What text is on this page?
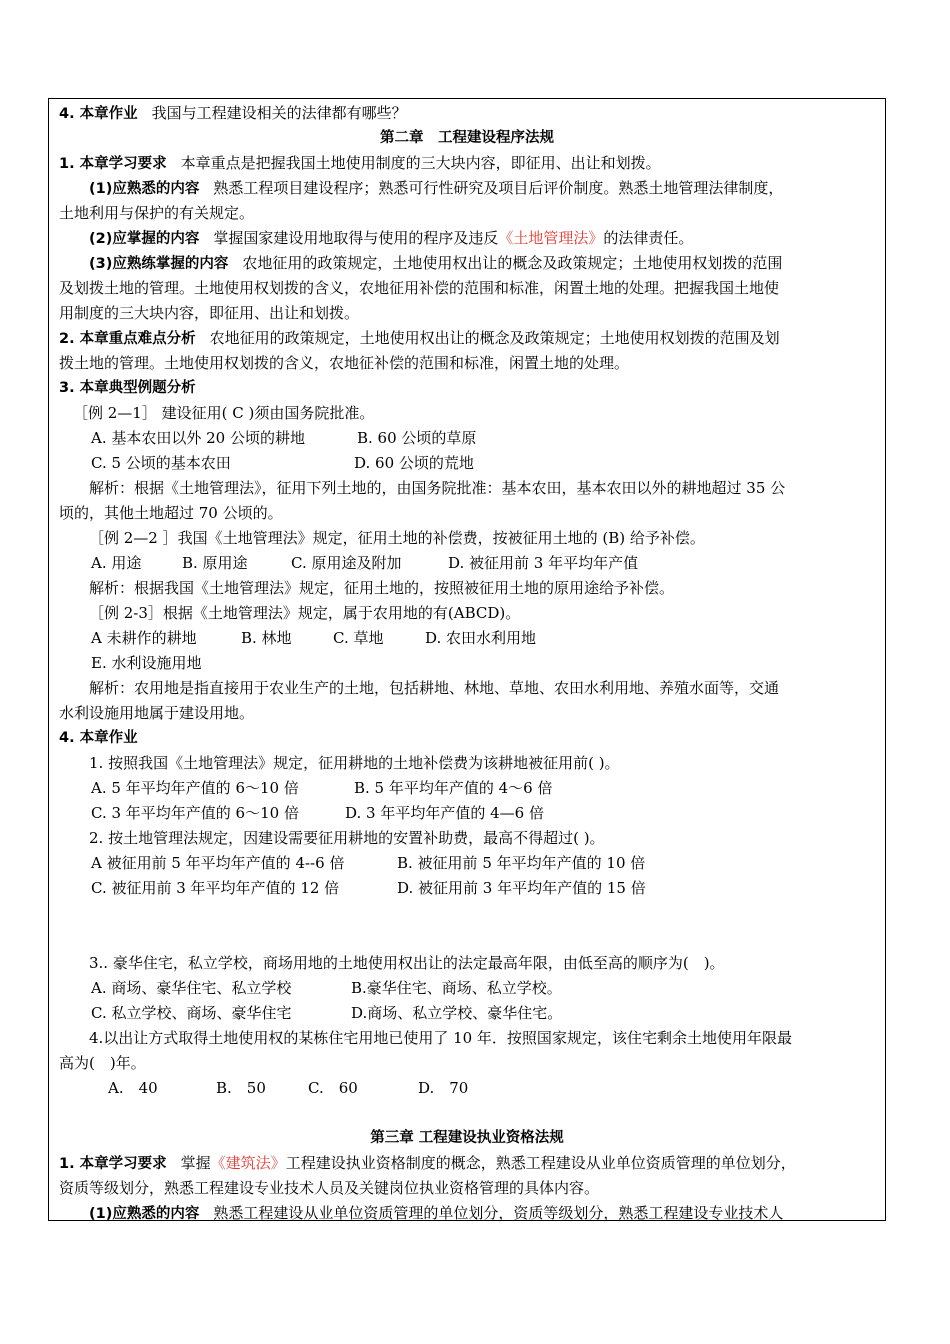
4. 本章作业 我国与工程建设相关的法律都有哪些？
第二章　工程建设程序法规
1. 本章学习要求 本章重点是把握我国土地使用制度的三大块内容，即征用、出让和划拨。
(1)应熟悉的内容 熟悉工程项目建设程序；熟悉可行性研究及项目后评价制度。熟悉土地管理法律制度，
土地利用与保护的有关规定。
(2)应掌握的内容 掌握国家建设用地取得与使用的程序及违反《土地管理法》的法律责任。
(3)应熟练掌握的内容 农地征用的政策规定，土地使用权出让的概念及政策规定；土地使用权划拨的范围
及划拨土地的管理。土地使用权划拨的含义，农地征用补偿的范围和标准，闲置土地的处理。把握我国土地使
用制度的三大块内容，即征用、出让和划拨。
2. 本章重点难点分析 农地征用的政策规定，土地使用权出让的概念及政策规定；土地使用权划拨的范围及划
拨土地的管理。土地使用权划拨的含义，农地征补偿的范围和标准，闲置土地的处理。
3. 本章典型例题分析
［例 2—1］ 建设征用( C )须由国务院批准。
A. 基本农田以外 20 公顷的耕地	B. 60 公顷的草原
C. 5 公顷的基本农田	D. 60 公顷的荒地
解析：根据《土地管理法》，征用下列土地的，由国务院批准：基本农田，基本农田以外的耕地超过 35 公
顷的，其他土地超过 70 公顷的。
［例 2—2 ］我国《土地管理法》规定，征用土地的补偿费，按被征用土地的 (B) 给予补偿。
A. 用途	B. 原用途	C. 原用途及附加	D. 被征用前 3 年平均年产值
解析：根据我国《土地管理法》规定，征用土地的，按照被征用土地的原用途给予补偿。
［例 2-3］根据《土地管理法》规定，属于农用地的有(ABCD)。
A 未耕作的耕地	B. 林地	C. 草地	D. 农田水利用地
E. 水利设施用地
解析：农用地是指直接用于农业生产的土地，包括耕地、林地、草地、农田水利用地、养殖水面等，交通
水利设施用地属于建设用地。
4. 本章作业
1. 按照我国《土地管理法》规定，征用耕地的土地补偿费为该耕地被征用前( )。
A. 5 年平均年产值的 6～10 倍	B. 5 年平均年产值的 4～6 倍
C. 3 年平均年产值的 6～10 倍	D. 3 年平均年产值的 4—6 倍
2. 按土地管理法规定，因建设需要征用耕地的安置补助费，最高不得超过( )。
A 被征用前 5 年平均年产值的 4--6 倍	B. 被征用前 5 年平均年产值的 10 倍
C. 被征用前 3 年平均年产值的 12 倍	D. 被征用前 3 年平均年产值的 15 倍
3.. 豪华住宅，私立学校，商场用地的土地使用权出让的法定最高年限，由低至高的顺序为(　)。
A. 商场、豪华住宅、私立学校	B.豪华住宅、商场、私立学校。
C. 私立学校、商场、豪华住宅	D.商场、私立学校、豪华住宅。
4.以出让方式取得土地使用权的某栋住宅用地已使用了 10 年．按照国家规定，该住宅剩余土地使用年限最
高为(　)年。
A.　40	B.　50	C.　60	D.　70
第三章 工程建设执业资格法规
1. 本章学习要求 掌握《建筑法》工程建设执业资格制度的概念，熟悉工程建设从业单位资质管理的单位划分，
资质等级划分，熟悉工程建设专业技术人员及关键岗位执业资格管理的具体内容。
(1)应熟悉的内容 熟悉工程建设从业单位资质管理的单位划分，资质等级划分，熟悉工程建设专业技术人
